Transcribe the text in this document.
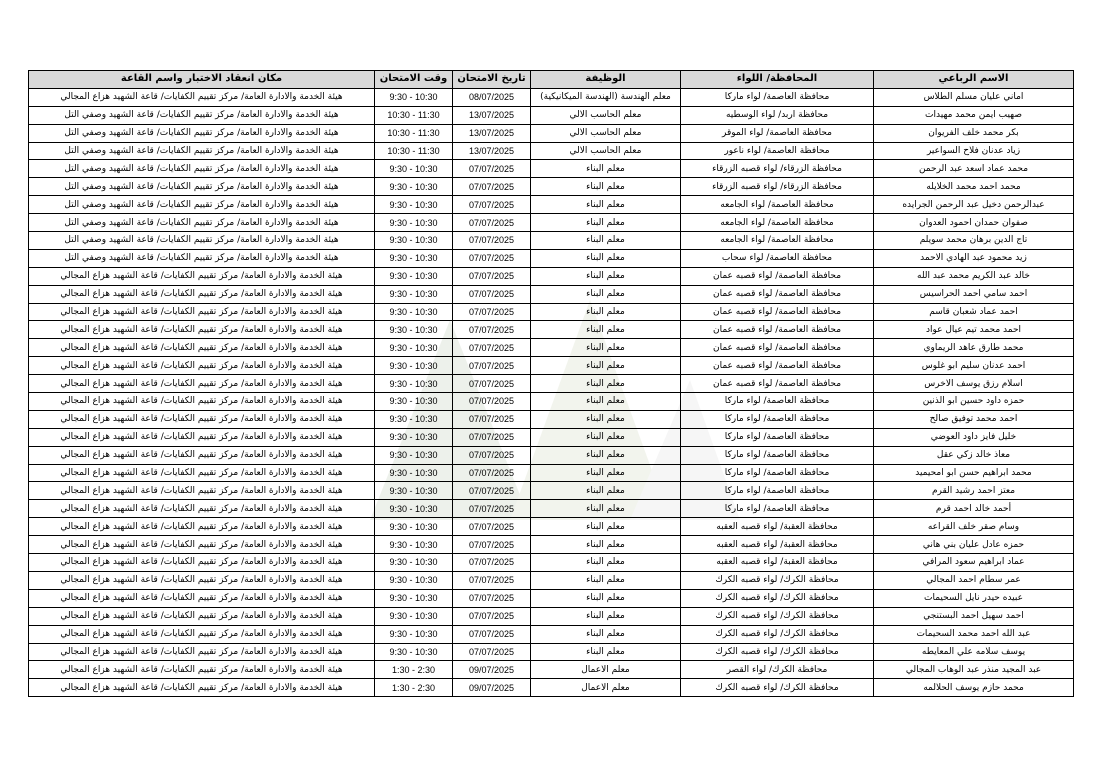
الاسم الرباعي	المحافظة/ اللواء	الوظيفة	تاريخ الامتحان	وقت الامتحان	مكان انعقاد الاختبار واسم القاعة
اماني عليان مسلم الطلاس	محافظة العاصمة/ لواء ماركا	معلم الهندسة (الهندسة الميكانيكية)	08/07/2025	9:30 - 10:30	هيئة الخدمة والادارة العامة/ مركز تقييم الكفايات/ قاعة الشهيد هزاع المجالي
صهيب ايمن محمد مهيدات	محافظة اربد/ لواء الوسطيه	معلم الحاسب الالي	13/07/2025	10:30 - 11:30	هيئة الخدمة والادارة العامة/ مركز تقييم الكفايات/ قاعة الشهيد وصفي التل
بكر محمد خلف الفريوان	محافظة العاصمة/ لواء الموقر	معلم الحاسب الالي	13/07/2025	10:30 - 11:30	هيئة الخدمة والادارة العامة/ مركز تقييم الكفايات/ قاعة الشهيد وصفي التل
زياد عدنان فلاح السواعير	محافظة العاصمة/ لواء ناعور	معلم الحاسب الالي	13/07/2025	10:30 - 11:30	هيئة الخدمة والادارة العامة/ مركز تقييم الكفايات/ قاعة الشهيد وصفي التل
محمد عماد اسعد عبد الرحمن	محافظة الزرقاء/ لواء قصبه الزرقاء	معلم البناء	07/07/2025	9:30 - 10:30	هيئة الخدمة والادارة العامة/ مركز تقييم الكفايات/ قاعة الشهيد وصفي التل
محمد احمد محمد الخلايله	محافظة الزرقاء/ لواء قصبه الزرقاء	معلم البناء	07/07/2025	9:30 - 10:30	هيئة الخدمة والادارة العامة/ مركز تقييم الكفايات/ قاعة الشهيد وصفي التل
عبدالرحمن دخيل عبد الرحمن الجرايده	محافظة العاصمة/ لواء الجامعه	معلم البناء	07/07/2025	9:30 - 10:30	هيئة الخدمة والادارة العامة/ مركز تقييم الكفايات/ قاعة الشهيد وصفي التل
صفوان حمدان احمود العدوان	محافظة العاصمة/ لواء الجامعه	معلم البناء	07/07/2025	9:30 - 10:30	هيئة الخدمة والادارة العامة/ مركز تقييم الكفايات/ قاعة الشهيد وصفي التل
تاج الدين برهان محمد سويلم	محافظة العاصمة/ لواء الجامعه	معلم البناء	07/07/2025	9:30 - 10:30	هيئة الخدمة والادارة العامة/ مركز تقييم الكفايات/ قاعة الشهيد وصفي التل
زيد محمود عبد الهادي الاحمد	محافظة العاصمة/ لواء سحاب	معلم البناء	07/07/2025	9:30 - 10:30	هيئة الخدمة والادارة العامة/ مركز تقييم الكفايات/ قاعة الشهيد وصفي التل
خالد عبد الكريم محمد عبد الله	محافظة العاصمة/ لواء قصبه عمان	معلم البناء	07/07/2025	9:30 - 10:30	هيئة الخدمة والادارة العامة/ مركز تقييم الكفايات/ قاعة الشهيد هزاع المجالي
احمد سامي احمد الحراسيس	محافظة العاصمة/ لواء قصبه عمان	معلم البناء	07/07/2025	9:30 - 10:30	هيئة الخدمة والادارة العامة/ مركز تقييم الكفايات/ قاعة الشهيد هزاع المجالي
احمد عماد شعبان قاسم	محافظة العاصمة/ لواء قصبه عمان	معلم البناء	07/07/2025	9:30 - 10:30	هيئة الخدمة والادارة العامة/ مركز تقييم الكفايات/ قاعة الشهيد هزاع المجالي
احمد محمد تيم عيال عواد	محافظة العاصمة/ لواء قصبه عمان	معلم البناء	07/07/2025	9:30 - 10:30	هيئة الخدمة والادارة العامة/ مركز تقييم الكفايات/ قاعة الشهيد هزاع المجالي
محمد طارق عاهد الريماوي	محافظة العاصمة/ لواء قصبه عمان	معلم البناء	07/07/2025	9:30 - 10:30	هيئة الخدمة والادارة العامة/ مركز تقييم الكفايات/ قاعة الشهيد هزاع المجالي
احمد عدنان سليم ابو غلوس	محافظة العاصمة/ لواء قصبه عمان	معلم البناء	07/07/2025	9:30 - 10:30	هيئة الخدمة والادارة العامة/ مركز تقييم الكفايات/ قاعة الشهيد هزاع المجالي
اسلام رزق يوسف الاخرس	محافظة العاصمة/ لواء قصبه عمان	معلم البناء	07/07/2025	9:30 - 10:30	هيئة الخدمة والادارة العامة/ مركز تقييم الكفايات/ قاعة الشهيد هزاع المجالي
حمزه داود حسين ابو الذنين	محافظة العاصمة/ لواء ماركا	معلم البناء	07/07/2025	9:30 - 10:30	هيئة الخدمة والادارة العامة/ مركز تقييم الكفايات/ قاعة الشهيد هزاع المجالي
احمد محمد توفيق صالح	محافظة العاصمة/ لواء ماركا	معلم البناء	07/07/2025	9:30 - 10:30	هيئة الخدمة والادارة العامة/ مركز تقييم الكفايات/ قاعة الشهيد هزاع المجالي
خليل فايز داود العوضي	محافظة العاصمة/ لواء ماركا	معلم البناء	07/07/2025	9:30 - 10:30	هيئة الخدمة والادارة العامة/ مركز تقييم الكفايات/ قاعة الشهيد هزاع المجالي
معاذ خالد زكي عقل	محافظة العاصمة/ لواء ماركا	معلم البناء	07/07/2025	9:30 - 10:30	هيئة الخدمة والادارة العامة/ مركز تقييم الكفايات/ قاعة الشهيد هزاع المجالي
محمد ابراهيم حسن ابو امحيميد	محافظة العاصمة/ لواء ماركا	معلم البناء	07/07/2025	9:30 - 10:30	هيئة الخدمة والادارة العامة/ مركز تقييم الكفايات/ قاعة الشهيد هزاع المجالي
معتز احمد رشيد القرم	محافظة العاصمة/ لواء ماركا	معلم البناء	07/07/2025	9:30 - 10:30	هيئة الخدمة والادارة العامة/ مركز تقييم الكفايات/ قاعة الشهيد هزاع المجالي
أحمد خالد احمد قرم	محافظة العاصمة/ لواء ماركا	معلم البناء	07/07/2025	9:30 - 10:30	هيئة الخدمة والادارة العامة/ مركز تقييم الكفايات/ قاعة الشهيد هزاع المجالي
وسام صقر خلف القراعه	محافظة العقبة/ لواء قصبه العقبه	معلم البناء	07/07/2025	9:30 - 10:30	هيئة الخدمة والادارة العامة/ مركز تقييم الكفايات/ قاعة الشهيد هزاع المجالي
حمزه عادل عليان بني هاني	محافظة العقبة/ لواء قصبه العقبه	معلم البناء	07/07/2025	9:30 - 10:30	هيئة الخدمة والادارة العامة/ مركز تقييم الكفايات/ قاعة الشهيد هزاع المجالي
عماد ابراهيم سعود المرافي	محافظة العقبة/ لواء قصبه العقبه	معلم البناء	07/07/2025	9:30 - 10:30	هيئة الخدمة والادارة العامة/ مركز تقييم الكفايات/ قاعة الشهيد هزاع المجالي
عمر سطام احمد المجالي	محافظة الكرك/ لواء قصبه الكرك	معلم البناء	07/07/2025	9:30 - 10:30	هيئة الخدمة والادارة العامة/ مركز تقييم الكفايات/ قاعة الشهيد هزاع المجالي
عبيده حيدر نايل السحيمات	محافظة الكرك/ لواء قصبه الكرك	معلم البناء	07/07/2025	9:30 - 10:30	هيئة الخدمة والادارة العامة/ مركز تقييم الكفايات/ قاعة الشهيد هزاع المجالي
احمد سهيل احمد البستنجي	محافظة الكرك/ لواء قصبه الكرك	معلم البناء	07/07/2025	9:30 - 10:30	هيئة الخدمة والادارة العامة/ مركز تقييم الكفايات/ قاعة الشهيد هزاع المجالي
عبد الله احمد محمد السحيمات	محافظة الكرك/ لواء قصبه الكرك	معلم البناء	07/07/2025	9:30 - 10:30	هيئة الخدمة والادارة العامة/ مركز تقييم الكفايات/ قاعة الشهيد هزاع المجالي
يوسف سلامه علي المعايطه	محافظة الكرك/ لواء قصبه الكرك	معلم البناء	07/07/2025	9:30 - 10:30	هيئة الخدمة والادارة العامة/ مركز تقييم الكفايات/ قاعة الشهيد هزاع المجالي
عبد المجيد منذر عبد الوهاب المجالي	محافظة الكرك/ لواء القصر	معلم الاعمال	09/07/2025	1:30 - 2:30	هيئة الخدمة والادارة العامة/ مركز تقييم الكفايات/ قاعة الشهيد هزاع المجالي
محمد حازم يوسف الحلالمه	محافظة الكرك/ لواء قصبه الكرك	معلم الاعمال	09/07/2025	1:30 - 2:30	هيئة الخدمة والادارة العامة/ مركز تقييم الكفايات/ قاعة الشهيد هزاع المجالي
